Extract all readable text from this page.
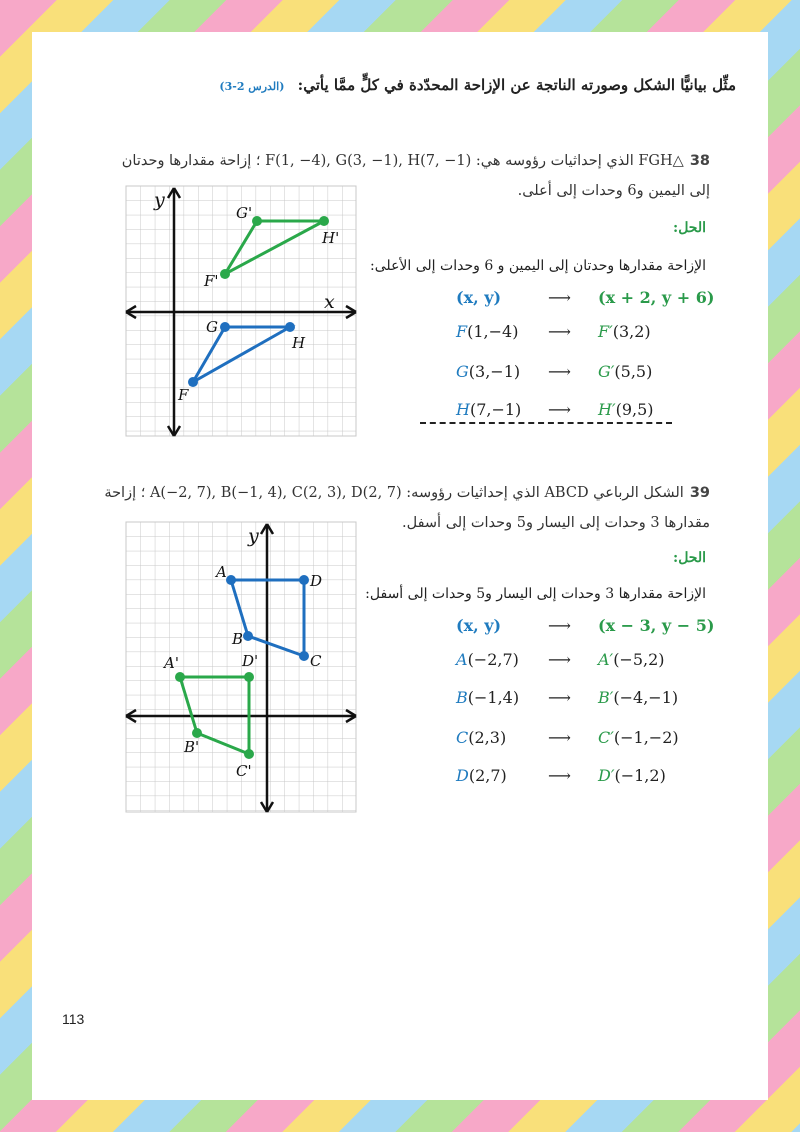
مثِّل بيانيًّا الشكل وصورته الناتجة عن الإزاحة المحدّدة في كلٍّ ممَّا يأتي: (الدرس 2-3)
38△FGH الذي إحداثيات رؤوسه هي: F(1, −4), G(3, −1), H(7, −1) ؛ إزاحة مقدارها وحدتان
إلى اليمين و6 وحدات إلى أعلى.
الحل:
الإزاحة مقدارها وحدتان إلى اليمين و 6 وحدات إلى الأعلى:
(x, y)	⟶ (x + 2, y + 6)
F(1,−4) ⟶ F′(3,2)
G(3,−1) ⟶ G′(5,5)
H(7,−1) ⟶ H′(9,5)
y
x
F'
G'
H'
F
G
H
39الشكل الرباعي ABCD الذي إحداثيات رؤوسه: A(−2, 7), B(−1, 4), C(2, 3), D(2, 7) ؛ إزاحة
مقدارها 3 وحدات إلى اليسار و5 وحدات إلى أسفل.
الحل:
الإزاحة مقدارها 3 وحدات إلى اليسار و5 وحدات إلى أسفل:
(x, y)	⟶ (x − 3, y − 5)
A(−2,7) ⟶ A′(−5,2)
B(−1,4) ⟶ B′(−4,−1)
C(2,3)	⟶ C′(−1,−2)
D(2,7)	⟶ D′(−1,2)
y
A'
B'
C'
D'
A
B
C
D
113
